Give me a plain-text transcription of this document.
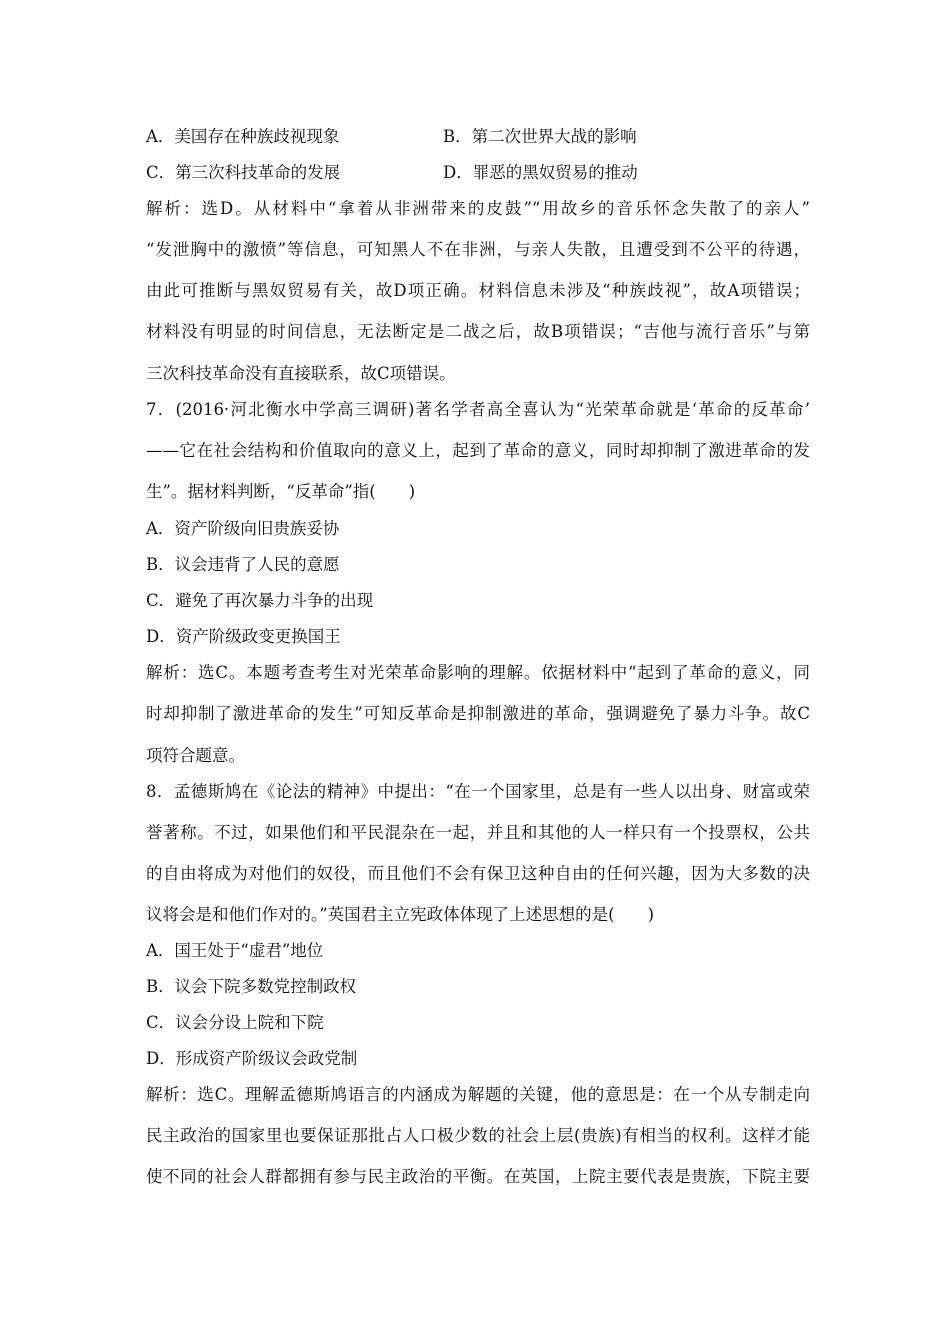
A．美国存在种族歧视现象	B．第二次世界大战的影响
C．第三次科技革命的发展	D．罪恶的黑奴贸易的推动
解析：选D。从材料中“拿着从非洲带来的皮鼓”“用故乡的音乐怀念失散了的亲人”
“发泄胸中的激愤”等信息，可知黑人不在非洲，与亲人失散，且遭受到不公平的待遇，
由此可推断与黑奴贸易有关，故D项正确。材料信息未涉及“种族歧视”，故A项错误；
材料没有明显的时间信息，无法断定是二战之后，故B项错误；“吉他与流行音乐”与第
三次科技革命没有直接联系，故C项错误。
7．(2016·河北衡水中学高三调研)著名学者高全喜认为“光荣革命就是‘革命的反革命’
——它在社会结构和价值取向的意义上，起到了革命的意义，同时却抑制了激进革命的发
生”。据材料判断，“反革命”指(　　)
A．资产阶级向旧贵族妥协
B．议会违背了人民的意愿
C．避免了再次暴力斗争的出现
D．资产阶级政变更换国王
解析：选C。本题考查考生对光荣革命影响的理解。依据材料中“起到了革命的意义，同
时却抑制了激进革命的发生”可知反革命是抑制激进的革命，强调避免了暴力斗争。故C
项符合题意。
8．孟德斯鸠在《论法的精神》中提出：“在一个国家里，总是有一些人以出身、财富或荣
誉著称。不过，如果他们和平民混杂在一起，并且和其他的人一样只有一个投票权，公共
的自由将成为对他们的奴役，而且他们不会有保卫这种自由的任何兴趣，因为大多数的决
议将会是和他们作对的。”英国君主立宪政体体现了上述思想的是(　　)
A．国王处于“虚君”地位
B．议会下院多数党控制政权
C．议会分设上院和下院
D．形成资产阶级议会政党制
解析：选C。理解孟德斯鸠语言的内涵成为解题的关键，他的意思是：在一个从专制走向
民主政治的国家里也要保证那批占人口极少数的社会上层(贵族)有相当的权利。这样才能
使不同的社会人群都拥有参与民主政治的平衡。在英国，上院主要代表是贵族，下院主要
